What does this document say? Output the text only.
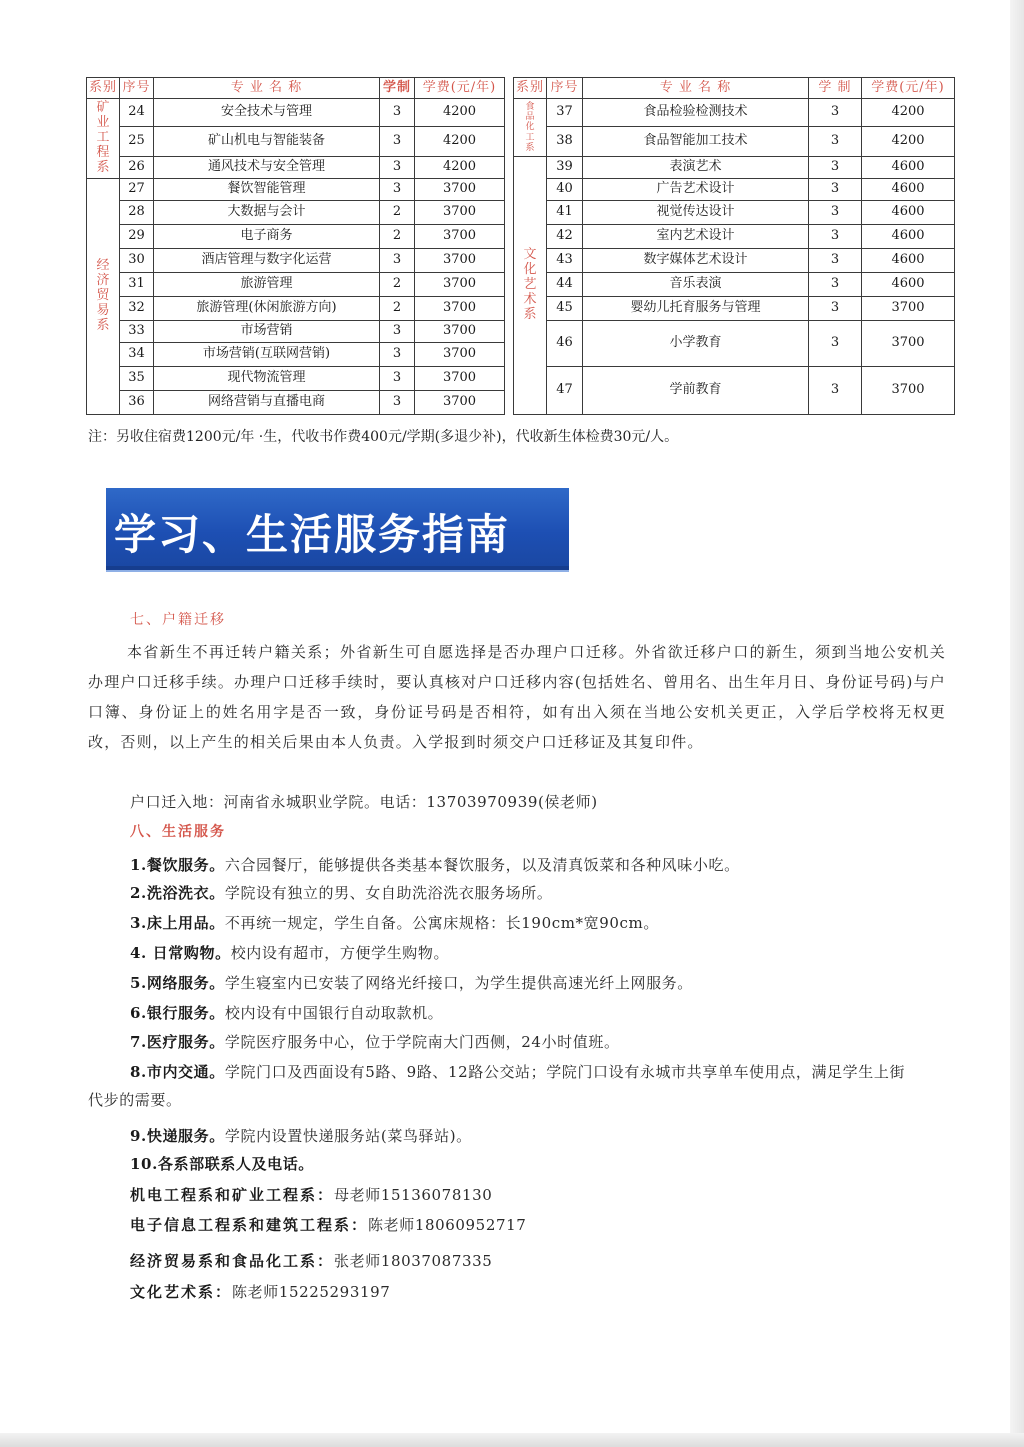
系别	序号	专 业 名 称	学制	学费(元/年)		系别	序号	专 业 名 称	学 制	学费(元/年)
矿业工程系	24	安全技术与管理	3	4200		食品化工系	37	食品检验检测技术	3	4200
	25	矿山机电与智能装备	3	4200			38	食品智能加工技术	3	4200
	26	通风技术与安全管理	3	4200		文化艺术系	39	表演艺术	3	4600
经济贸易系	27	餐饮智能管理	3	3700			40	广告艺术设计	3	4600
	28	大数据与会计	2	3700			41	视觉传达设计	3	4600
	29	电子商务	2	3700			42	室内艺术设计	3	4600
	30	酒店管理与数字化运营	3	3700			43	数字媒体艺术设计	3	4600
	31	旅游管理	2	3700			44	音乐表演	3	4600
	32	旅游管理(休闲旅游方向)	2	3700			45	婴幼儿托育服务与管理	3	3700
	33	市场营销	3	3700			46	小学教育	3	3700
	34	市场营销(互联网营销)	3	3700						
	35	现代物流管理	3	3700			47	学前教育	3	3700
	36	网络营销与直播电商	3	3700						
注：另收住宿费1200元/年 ·生，代收书作费400元/学期(多退少补)，代收新生体检费30元/人。
学习、生活服务指南
七、户籍迁移
本省新生不再迁转户籍关系；外省新生可自愿选择是否办理户口迁移。外省欲迁移户口的新生，须到当地公安机关办理户口迁移手续。办理户口迁移手续时，要认真核对户口迁移内容(包括姓名、曾用名、出生年月日、身份证号码)与户口簿、身份证上的姓名用字是否一致，身份证号码是否相符，如有出入须在当地公安机关更正，入学后学校将无权更改，否则，以上产生的相关后果由本人负责。入学报到时须交户口迁移证及其复印件。
户口迁入地：河南省永城职业学院。电话：13703970939(侯老师)
八、生活服务
1.餐饮服务。六合园餐厅，能够提供各类基本餐饮服务，以及清真饭菜和各种风味小吃。
2.洗浴洗衣。学院设有独立的男、女自助洗浴洗衣服务场所。
3.床上用品。不再统一规定，学生自备。公寓床规格：长190cm*宽90cm。
4. 日常购物。校内设有超市，方便学生购物。
5.网络服务。学生寝室内已安装了网络光纤接口，为学生提供高速光纤上网服务。
6.银行服务。校内设有中国银行自动取款机。
7.医疗服务。学院医疗服务中心，位于学院南大门西侧，24小时值班。
8.市内交通。学院门口及西面设有5路、9路、12路公交站；学院门口设有永城市共享单车使用点，满足学生上街代步的需要。
9.快递服务。学院内设置快递服务站(菜鸟驿站)。
10.各系部联系人及电话。
机电工程系和矿业工程系：母老师15136078130
电子信息工程系和建筑工程系：陈老师18060952717
经济贸易系和食品化工系：张老师18037087335
文化艺术系：陈老师15225293197
